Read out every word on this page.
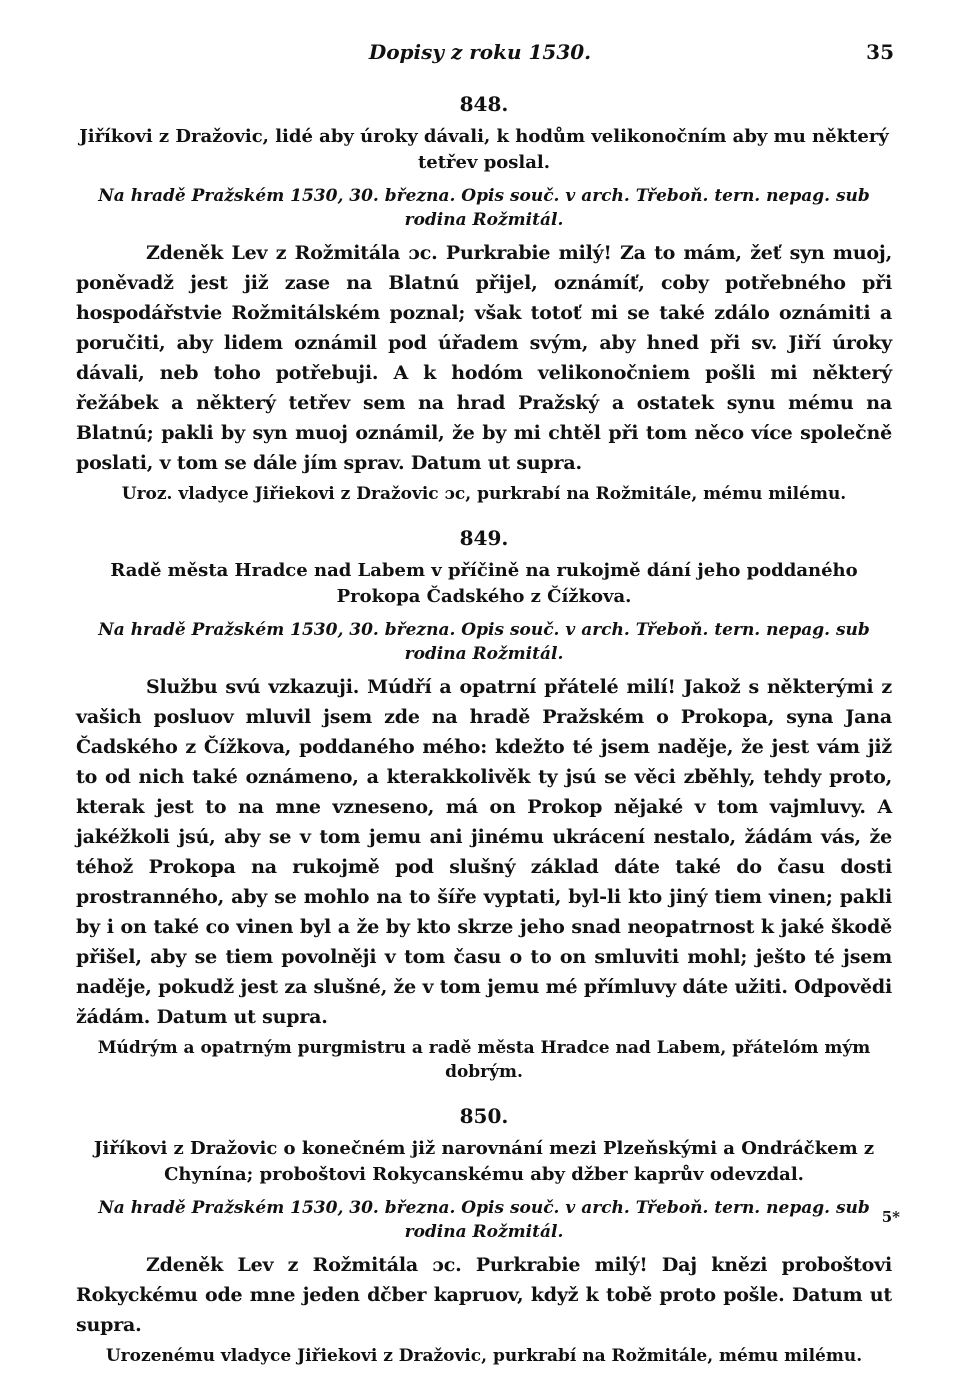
Dopisy z roku 1530.	35
848.

Jiříkovi z Dražovic, lidé aby úroky dávali, k hodům velikonočním aby mu některý tetřev poslal.

Na hradě Pražském 1530, 30. března. Opis souč. v arch. Třeboň. tern. nepag. sub rodina Rožmitál.

Zdeněk Lev z Rožmitála ɔc. Purkrabie milý! Za to mám, žeť syn muoj, poněvadž jest již zase na Blatnú přijel, oznámíť, coby potřebného při hospodářstvie Rožmitálském poznal; však totoť mi se také zdálo oznámiti a poručiti, aby lidem oznámil pod úřadem svým, aby hned při sv. Jiří úroky dávali, neb toho potřebuji. A k hodóm velikonočniem pošli mi některý řežábek a některý tetřev sem na hrad Pražský a ostatek synu mému na Blatnú; pakli by syn muoj oznámil, že by mi chtěl při tom něco více společně poslati, v tom se dále jím sprav. Datum ut supra.

Uroz. vladyce Jiřiekovi z Dražovic ɔc, purkrabí na Rožmitále, mému milému.

849.

Radě města Hradce nad Labem v příčině na rukojmě dání jeho poddaného Prokopa Čadského z Čížkova.

Na hradě Pražském 1530, 30. března. Opis souč. v arch. Třeboň. tern. nepag. sub rodina Rožmitál.

Službu svú vzkazuji. Múdří a opatrní přátelé milí! Jakož s některými z vašich posluov mluvil jsem zde na hradě Pražském o Prokopa, syna Jana Čadského z Čížkova, poddaného mého: kdežto té jsem naděje, že jest vám již to od nich také oznámeno, a kterakkolivěk ty jsú se věci zběhly, tehdy proto, kterak jest to na mne vzneseno, má on Prokop nějaké v tom vajmluvy. A jakéžkoli jsú, aby se v tom jemu ani jinému ukrácení nestalo, žádám vás, že téhož Prokopa na rukojmě pod slušný základ dáte také do času dosti prostranného, aby se mohlo na to šíře vyptati, byl-li kto jiný tiem vinen; pakli by i on také co vinen byl a že by kto skrze jeho snad neopatrnost k jaké škodě přišel, aby se tiem povolněji v tom času o to on smluviti mohl; ješto té jsem naděje, pokudž jest za slušné, že v tom jemu mé přímluvy dáte užiti. Odpovědi žádám. Datum ut supra.

Múdrým a opatrným purgmistru a radě města Hradce nad Labem, přátelóm mým dobrým.

850.

Jiříkovi z Dražovic o konečném již narovnání mezi Plzeňskými a Ondráčkem z Chynína; proboštovi Rokycanskému aby džber kaprův odevzdal.

Na hradě Pražském 1530, 30. března. Opis souč. v arch. Třeboň. tern. nepag. sub rodina Rožmitál.

Zdeněk Lev z Rožmitála ɔc. Purkrabie milý! Daj knězi proboštovi Rokyckému ode mne jeden dčber kapruov, když k tobě proto pošle. Datum ut supra.

Urozenému vladyce Jiřiekovi z Dražovic, purkrabí na Rožmitále, mému milému.

5*
